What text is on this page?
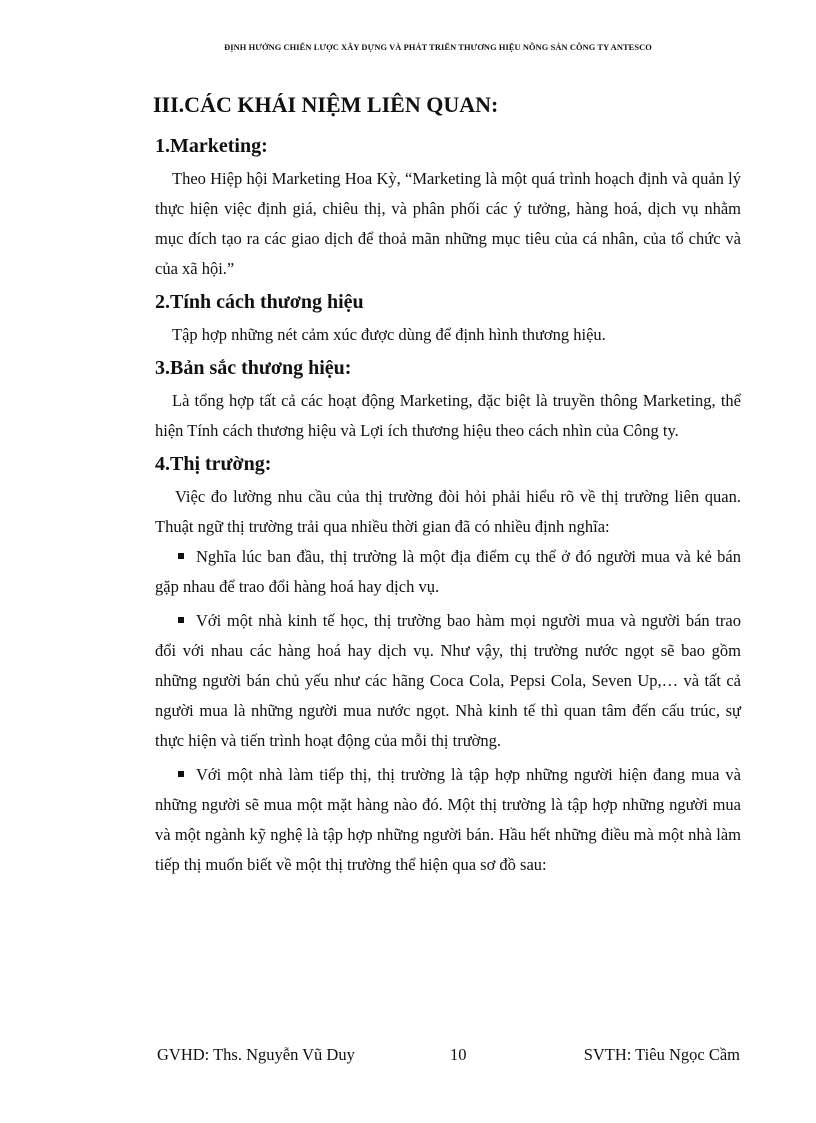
ĐỊNH HƯỚNG CHIẾN LƯỢC XÂY DỰNG VÀ PHÁT TRIỂN THƯƠNG HIỆU NÔNG SẢN CÔNG TY ANTESCO
III.CÁC KHÁI NIỆM LIÊN QUAN:
1.Marketing:

Theo Hiệp hội Marketing Hoa Kỳ, “Marketing là một quá trình hoạch định và quản lý thực hiện việc định giá, chiêu thị, và phân phối các ý tưởng, hàng hoá, dịch vụ nhằm mục đích tạo ra các giao dịch để thoả mãn những mục tiêu của cá nhân, của tổ chức và của xã hội.”

2.Tính cách thương hiệu

Tập hợp những nét cảm xúc được dùng để định hình thương hiệu.

3.Bản sắc thương hiệu:

Là tổng hợp tất cả các hoạt động Marketing, đặc biệt là truyền thông Marketing, thể hiện Tính cách thương hiệu và Lợi ích thương hiệu theo cách nhìn của Công ty.

4.Thị trường:

Việc đo lường nhu cầu của thị trường đòi hỏi phải hiểu rõ về thị trường liên quan. Thuật ngữ thị trường trải qua nhiều thời gian đã có nhiều định nghĩa:

Nghĩa lúc ban đầu, thị trường là một địa điểm cụ thể ở đó người mua và kẻ bán gặp nhau để trao đổi hàng hoá hay dịch vụ.

Với một nhà kinh tế học, thị trường bao hàm mọi người mua và người bán trao đổi với nhau các hàng hoá hay dịch vụ. Như vậy, thị trường nước ngọt sẽ bao gồm những người bán chủ yếu như các hãng Coca Cola, Pepsi Cola, Seven Up,… và tất cả người mua là những người mua nước ngọt. Nhà kinh tế thì quan tâm đến cấu trúc, sự thực hiện và tiến trình hoạt động của mỗi thị trường.

Với một nhà làm tiếp thị, thị trường là tập hợp những người hiện đang mua và những người sẽ mua một mặt hàng nào đó. Một thị trường là tập hợp những người mua và một ngành kỹ nghệ là tập hợp những người bán. Hầu hết những điều mà một nhà làm tiếp thị muốn biết về một thị trường thể hiện qua sơ đồ sau:

GVHD: Ths. Nguyễn Vũ Duy	10	SVTH: Tiêu Ngọc Cầm
